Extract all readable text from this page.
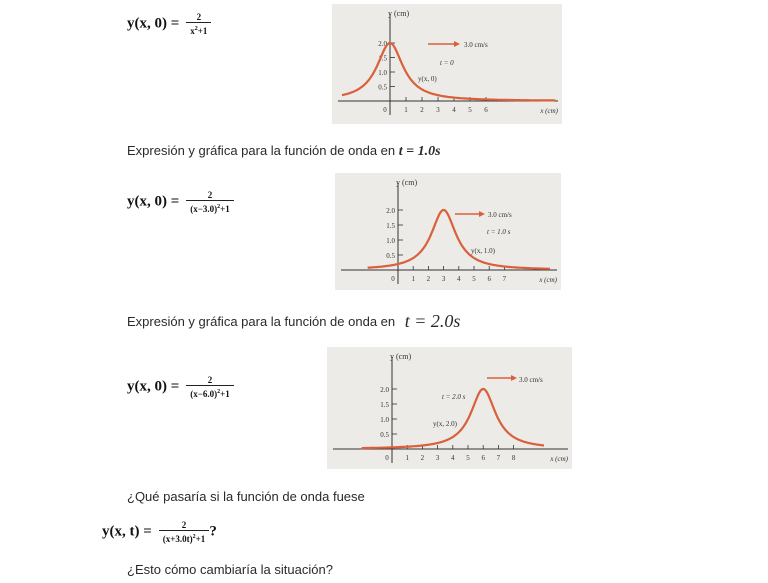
y(x, $0) = \frac{2}{x^2+1}$	y (cm)
x (cm)
0.5
1.0
1.5
2.0
0	1 2 3 4 5 6
3.0 cm/s
t = 0
y(x, 0)
Expresión y gráfica para la función de onda en t = 1.0s
y(x, $0) = \frac{2}{(x-3.0)^2+1}$
y (cm)
x (cm)
0.5
1.0
1.5
2.0
0 1 2 3 4 5 6 7
3.0 cm/s
t = 1.0 s
y(x, 1.0)
Expresión y gráfica para la función de onda en t = 2.0s
y(x, $0) = \frac{2}{(x-6.0)^2+1}$
y (cm)
x (cm)
0.5
1.0
1.5
2.0
0 1 2 3 4 5 6 7 8
3.0 cm/s
t = 2.0 s
y(x, 2.0)
¿Qué pasaría si la función de onda fuese
y(x, $t) = \frac{2}{(x+3.0t)^2+1}$ ?
¿Esto cómo cambiaría la situación?
